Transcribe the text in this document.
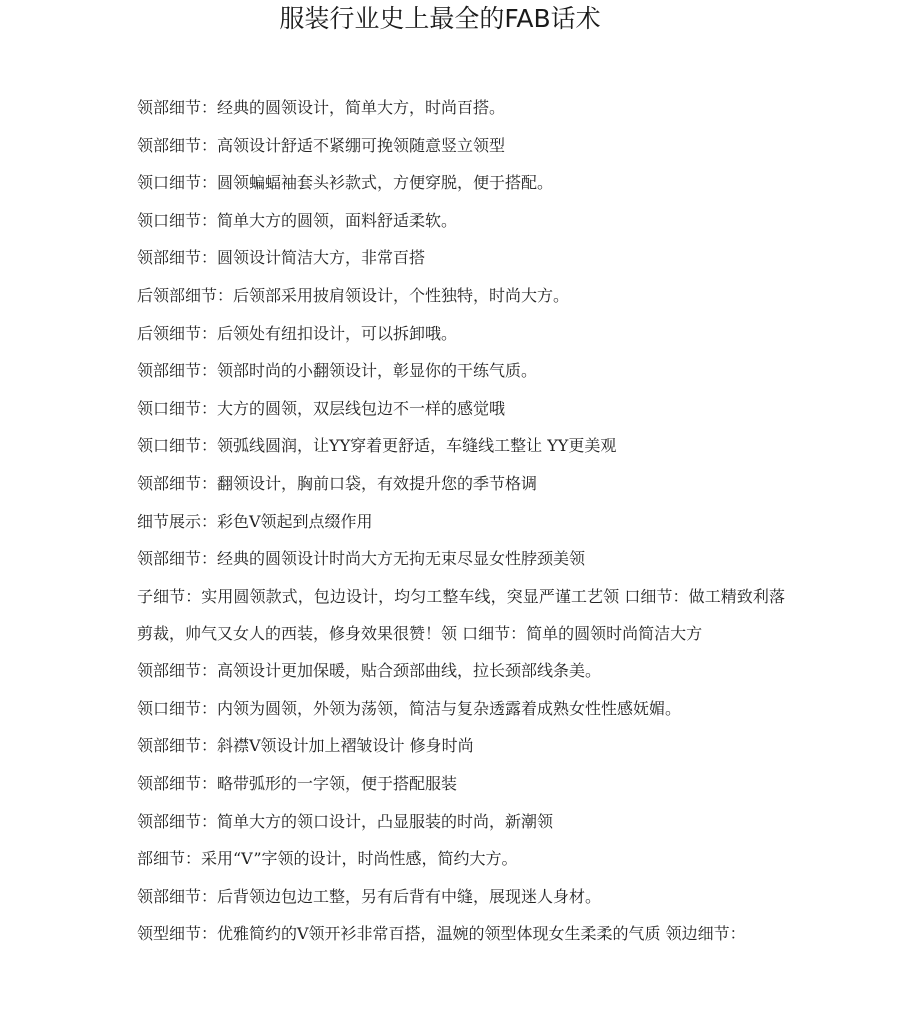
服装行业史上最全的FAB话术

领部细节：经典的圆领设计，简单大方，时尚百搭。

领部细节：高领设计舒适不紧绷可挽领随意竖立领型

领口细节：圆领蝙蝠袖套头衫款式，方便穿脱，便于搭配。

领口细节：简单大方的圆领，面料舒适柔软。

领部细节：圆领设计简洁大方，非常百搭

后领部细节：后领部采用披肩领设计，个性独特，时尚大方。

后领细节：后领处有纽扣设计，可以拆卸哦。

领部细节：领部时尚的小翻领设计，彰显你的干练气质。

领口细节：大方的圆领，双层线包边不一样的感觉哦

领口细节：领弧线圆润，让YY穿着更舒适，车缝线工整让 YY更美观

领部细节：翻领设计，胸前口袋，有效提升您的季节格调

细节展示：彩色V领起到点缀作用

领部细节：经典的圆领设计时尚大方无拘无束尽显女性脖颈美领

子细节：实用圆领款式，包边设计，均匀工整车线，突显严谨工艺领 口细节：做工精致利落剪裁，帅气又女人的西装，修身效果很赞！领 口细节：简单的圆领时尚简洁大方

领部细节：高领设计更加保暖，贴合颈部曲线，拉长颈部线条美。

领口细节：内领为圆领，外领为荡领，简洁与复杂透露着成熟女性性感妩媚。

领部细节：斜襟V领设计加上褶皱设计 修身时尚

领部细节：略带弧形的一字领，便于搭配服装

领部细节：简单大方的领口设计，凸显服装的时尚，新潮领

部细节：采用“V”字领的设计，时尚性感，简约大方。

领部细节：后背领边包边工整，另有后背有中缝，展现迷人身材。

领型细节：优雅简约的V领开衫非常百搭，温婉的领型体现女生柔柔的气质 领边细节：
